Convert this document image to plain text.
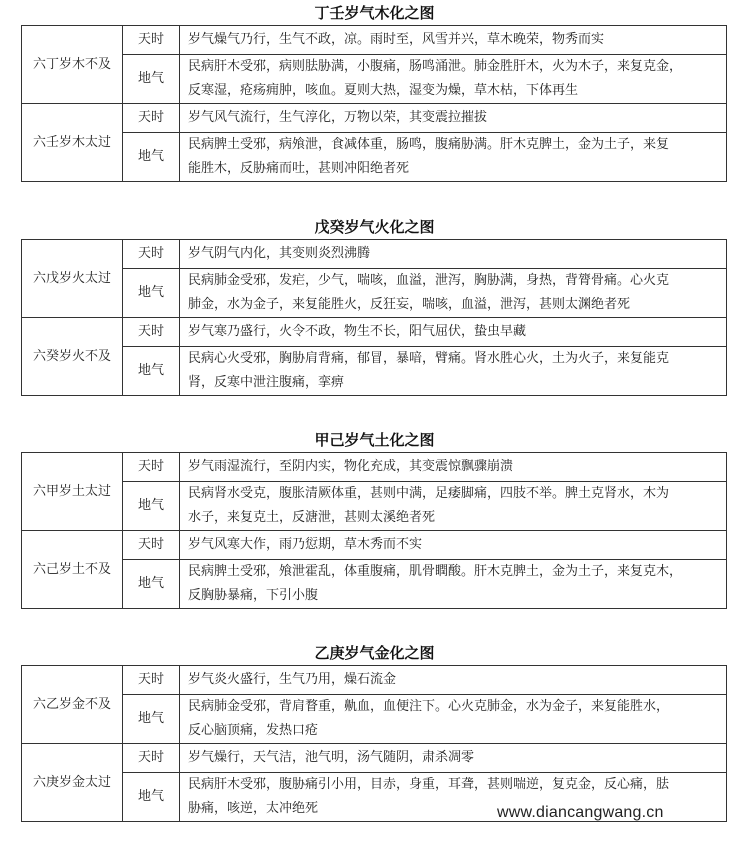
丁壬岁气木化之图
六丁岁木不及	天时	岁气燥气乃行，生气不政，凉。雨时至，风雪并兴，草木晚荣，物秀而实

	地气	民病肝木受邪，病则胠胁满，小腹痛，肠鸣涌泄。肺金胜肝木，火为木子，来复克金，
反寒湿，疮疡痈肿，咳血。夏则大热，湿变为燥，草木枯，下体再生

六壬岁木太过	天时	岁气风气流行，生气淳化，万物以荣，其变震拉摧拔

	地气	民病脾土受邪，病飧泄，食减体重，肠鸣，腹痛胁满。肝木克脾土，金为土子，来复
能胜木，反胁痛而吐，甚则冲阳绝者死
戊癸岁气火化之图
六戊岁火太过	天时	岁气阴气内化，其变则炎烈沸腾

	地气	民病肺金受邪，发疟，少气，喘咳，血溢，泄泻，胸胁满，身热，背膂骨痛。心火克
肺金，水为金子，来复能胜火，反狂妄，喘咳，血溢，泄泻，甚则太渊绝者死

六癸岁火不及	天时	岁气寒乃盛行，火令不政，物生不长，阳气屈伏，蛰虫早藏

	地气	民病心火受邪，胸胁肩背痛，郁冒，暴喑，臂痛。肾水胜心火，土为火子，来复能克
肾，反寒中泄注腹痛，挛痹
甲己岁气土化之图
六甲岁土太过	天时	岁气雨湿流行，至阴内实，物化充成，其变震惊飘骤崩溃

	地气	民病肾水受克，腹胀清厥体重，甚则中满，足痿脚痛，四肢不举。脾土克肾水，木为
水子，来复克土，反溏泄，甚则太溪绝者死

六己岁土不及	天时	岁气风寒大作，雨乃愆期，草木秀而不实

	地气	民病脾土受邪，飧泄霍乱，体重腹痛，肌骨瞤酸。肝木克脾土，金为土子，来复克木，
反胸胁暴痛，下引小腹
乙庚岁气金化之图
六乙岁金不及	天时	岁气炎火盛行，生气乃用，燥石流金

	地气	民病肺金受邪，背肩瞀重，鼽血，血便注下。心火克肺金，水为金子，来复能胜水，
反心脑顶痛，发热口疮

六庚岁金太过	天时	岁气燥行，天气洁，池气明，汤气随阴，肃杀凋零

	地气	民病肝木受邪，腹胁痛引小用，目赤，身重，耳聋，甚则喘逆，复克金，反心痛，胠
胁痛，咳逆，太冲绝死	www.diancangwang.cn
